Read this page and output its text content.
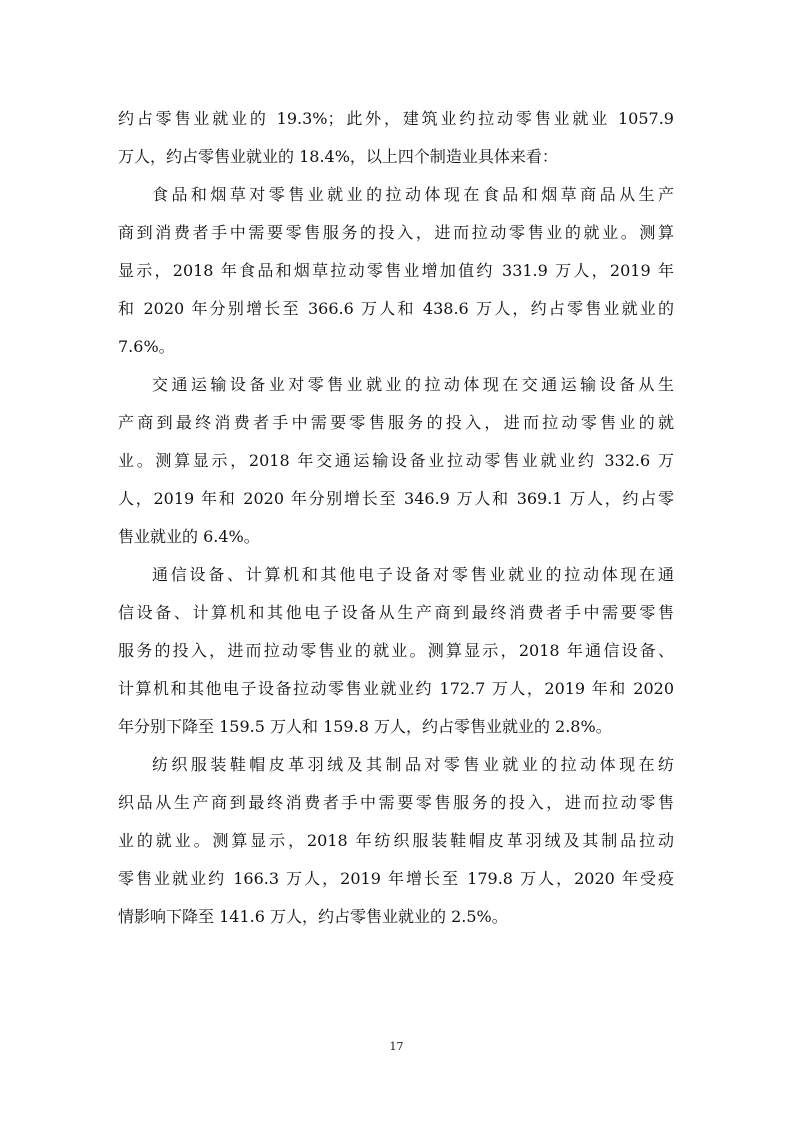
约占零售业就业的 19.3%；此外，建筑业约拉动零售业就业 1057.9
万人，约占零售业就业的 18.4%，以上四个制造业具体来看：
食品和烟草对零售业就业的拉动体现在食品和烟草商品从生产
商到消费者手中需要零售服务的投入，进而拉动零售业的就业。测算
显示，2018 年食品和烟草拉动零售业增加值约 331.9 万人，2019 年
和 2020 年分别增长至 366.6 万人和 438.6 万人，约占零售业就业的
7.6%。
交通运输设备业对零售业就业的拉动体现在交通运输设备从生
产商到最终消费者手中需要零售服务的投入，进而拉动零售业的就
业。测算显示，2018 年交通运输设备业拉动零售业就业约 332.6 万
人，2019 年和 2020 年分别增长至 346.9 万人和 369.1 万人，约占零
售业就业的 6.4%。
通信设备、计算机和其他电子设备对零售业就业的拉动体现在通
信设备、计算机和其他电子设备从生产商到最终消费者手中需要零售
服务的投入，进而拉动零售业的就业。测算显示，2018 年通信设备、
计算机和其他电子设备拉动零售业就业约 172.7 万人，2019 年和 2020
年分别下降至 159.5 万人和 159.8 万人，约占零售业就业的 2.8%。
纺织服装鞋帽皮革羽绒及其制品对零售业就业的拉动体现在纺
织品从生产商到最终消费者手中需要零售服务的投入，进而拉动零售
业的就业。测算显示，2018 年纺织服装鞋帽皮革羽绒及其制品拉动
零售业就业约 166.3 万人，2019 年增长至 179.8 万人，2020 年受疫
情影响下降至 141.6 万人，约占零售业就业的 2.5%。
17
